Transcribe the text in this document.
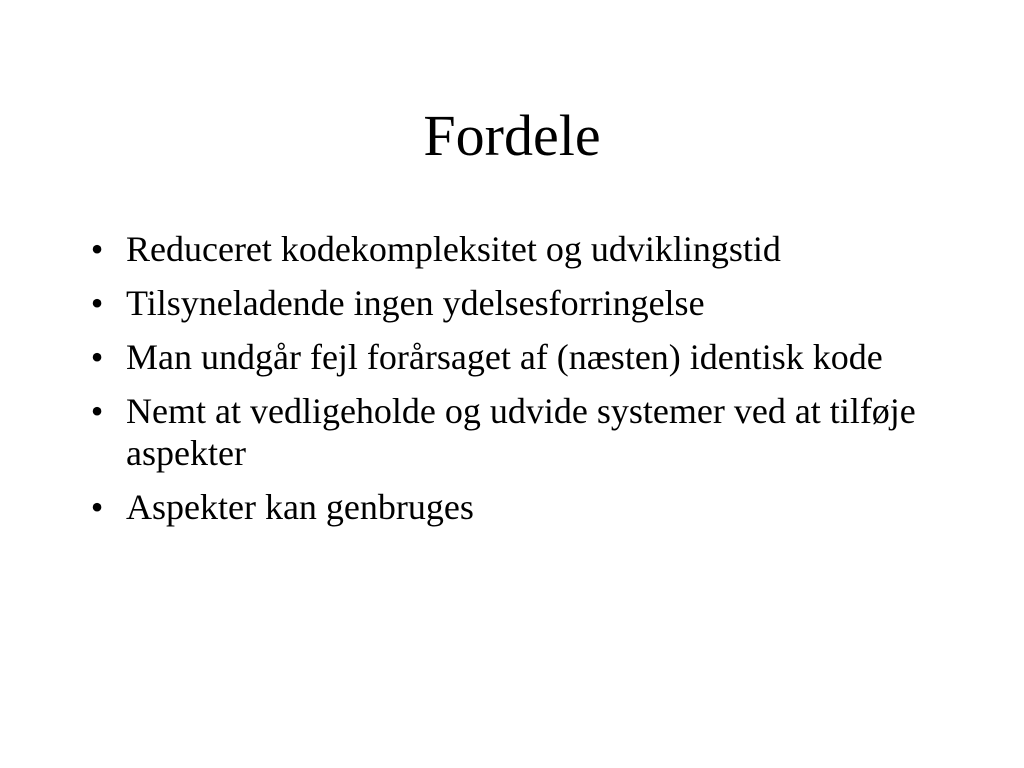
Fordele
• Reduceret kodekompleksitet og udviklingstid
• Tilsyneladende ingen ydelsesforringelse
• Man undgår fejl forårsaget af (næsten) identisk kode
• Nemt at vedligeholde og udvide systemer ved at tilføje aspekter
• Aspekter kan genbruges
